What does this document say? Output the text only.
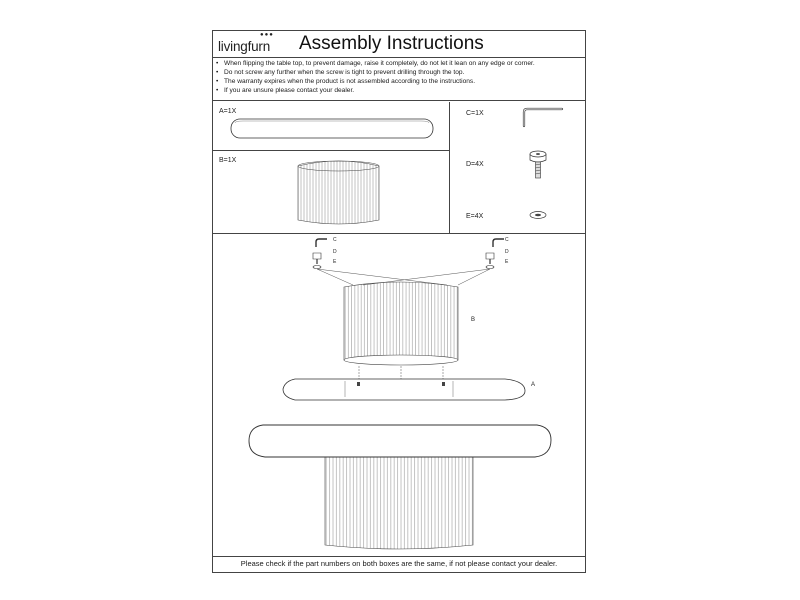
●●●
livingfurn Assembly Instructions
• When flipping the table top, to prevent damage, raise it completely, do not let it lean on any edge or corner.
• Do not screw any further when the screw is tight to prevent drilling through the top.
• The warranty expires when the product is not assembled according to the instructions.
• If you are unsure please contact your dealer.
A=1X
B=1X
C=1X
D=4X
E=4X
C
D
E
C
D
E
B
A
Please check if the part numbers on both boxes are the same, if not please contact your dealer.
